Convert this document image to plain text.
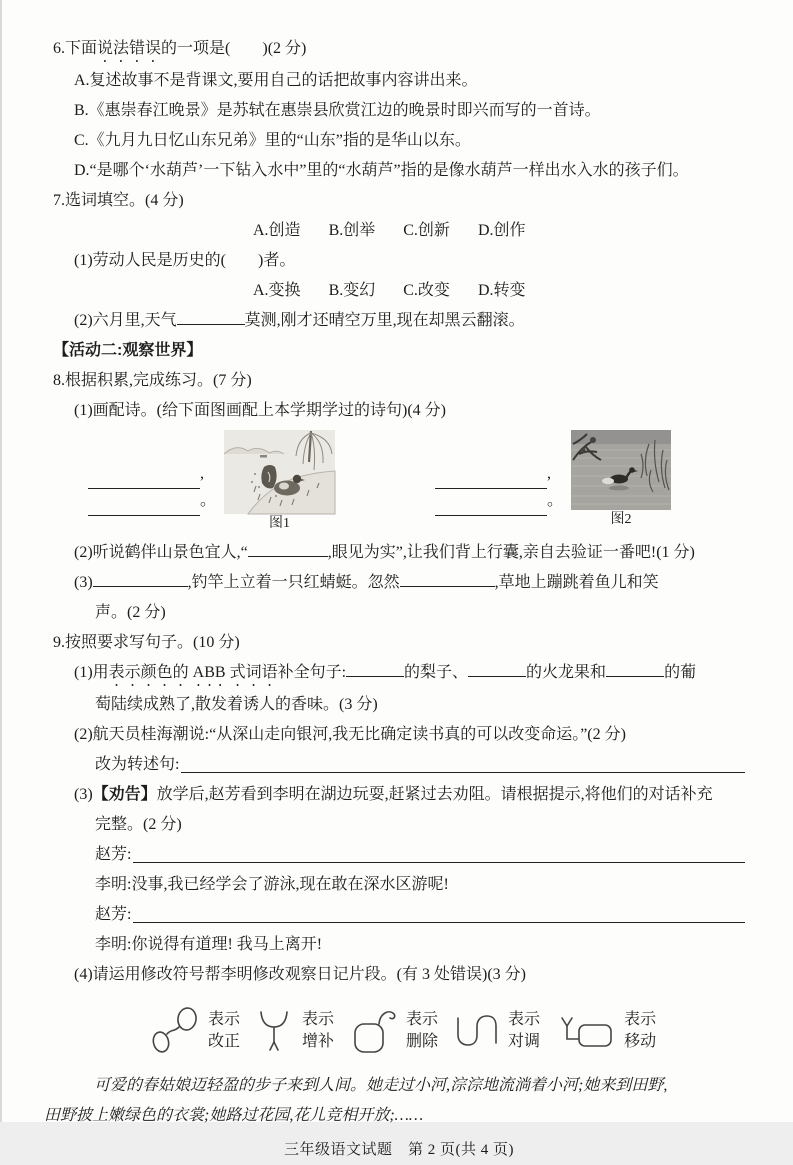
6.下面说法错误的一项是(　　)(2 分)
A.复述故事不是背课文,要用自己的话把故事内容讲出来。
B.《惠崇春江晚景》是苏轼在惠崇县欣赏江边的晚景时即兴而写的一首诗。
C.《九月九日忆山东兄弟》里的“山东”指的是华山以东。
D.“是哪个‘水葫芦’一下钻入水中”里的“水葫芦”指的是像水葫芦一样出水入水的孩子们。
7.选词填空。(4 分)
A.创造 B.创举 C.创新 D.创作
(1)劳动人民是历史的(　　)者。
A.变换 B.变幻 C.改变 D.转变
(2)六月里,天气	莫测,刚才还晴空万里,现在却黑云翻滚。
【活动二:观察世界】
8.根据积累,完成练习。(7 分)
(1)画配诗。(给下面图画配上本学期学过的诗句)(4 分)
,
。
图1
,
。
图2
(2)听说鹤伴山景色宜人,“	,眼见为实”,让我们背上行囊,亲自去验证一番吧!(1 分)
(3)	,钓竿上立着一只红蜻蜓。忽然	,草地上蹦跳着鱼儿和笑
声。(2 分)
9.按照要求写句子。(10 分)
(1)用表示颜色的 ABB 式词语补全句子:	的梨子、	的火龙果和	的葡
萄陆续成熟了,散发着诱人的香味。(3 分)
(2)航天员桂海潮说:“从深山走向银河,我无比确定读书真的可以改变命运。”(2 分)
改为转述句:
(3)【劝告】放学后,赵芳看到李明在湖边玩耍,赶紧过去劝阻。请根据提示,将他们的对话补充
完整。(2 分)
赵芳:
李明:没事,我已经学会了游泳,现在敢在深水区游呢!
赵芳:
李明:你说得有道理! 我马上离开!
(4)请运用修改符号帮李明修改观察日记片段。(有 3 处错误)(3 分)
表示
改正
表示
增补
表示
删除
表示
对调
表示
移动
可爱的春姑娘迈轻盈的步子来到人间。她走过小河,淙淙地流淌着小河;她来到田野,
田野披上嫩绿色的衣裳;她路过花园,花儿竞相开放;……
三年级语文试题　第 2 页(共 4 页)
